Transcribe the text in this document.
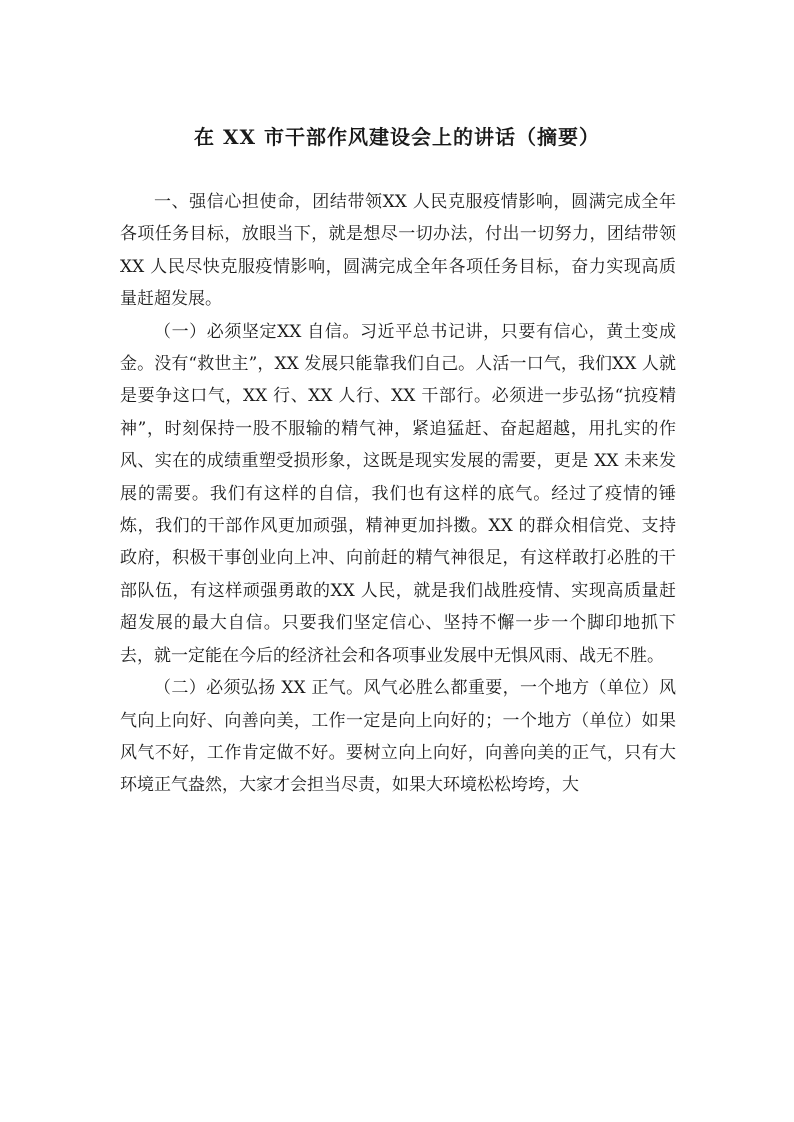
在 XX 市干部作风建设会上的讲话（摘要）

一、强信心担使命，团结带领XX 人民克服疫情影响，圆满完成全年各项任务目标，放眼当下，就是想尽一切办法，付出一切努力，团结带领XX 人民尽快克服疫情影响，圆满完成全年各项任务目标，奋力实现高质量赶超发展。

（一）必须坚定XX 自信。习近平总书记讲，只要有信心，黄土变成金。没有“救世主”，XX 发展只能靠我们自己。人活一口气，我们XX 人就是要争这口气，XX 行、XX 人行、XX 干部行。必须进一步弘扬“抗疫精神”，时刻保持一股不服输的精气神，紧追猛赶、奋起超越，用扎实的作风、实在的成绩重塑受损形象，这既是现实发展的需要，更是 XX 未来发展的需要。我们有这样的自信，我们也有这样的底气。经过了疫情的锤炼，我们的干部作风更加顽强，精神更加抖擞。XX 的群众相信党、支持政府，积极干事创业向上冲、向前赶的精气神很足，有这样敢打必胜的干部队伍，有这样顽强勇敢的XX 人民，就是我们战胜疫情、实现高质量赶超发展的最大自信。只要我们坚定信心、坚持不懈一步一个脚印地抓下去，就一定能在今后的经济社会和各项事业发展中无惧风雨、战无不胜。

（二）必须弘扬 XX 正气。风气必胜么都重要，一个地方（单位）风气向上向好、向善向美，工作一定是向上向好的；一个地方（单位）如果风气不好，工作肯定做不好。要树立向上向好，向善向美的正气，只有大环境正气盎然，大家才会担当尽责，如果大环境松松垮垮，大
